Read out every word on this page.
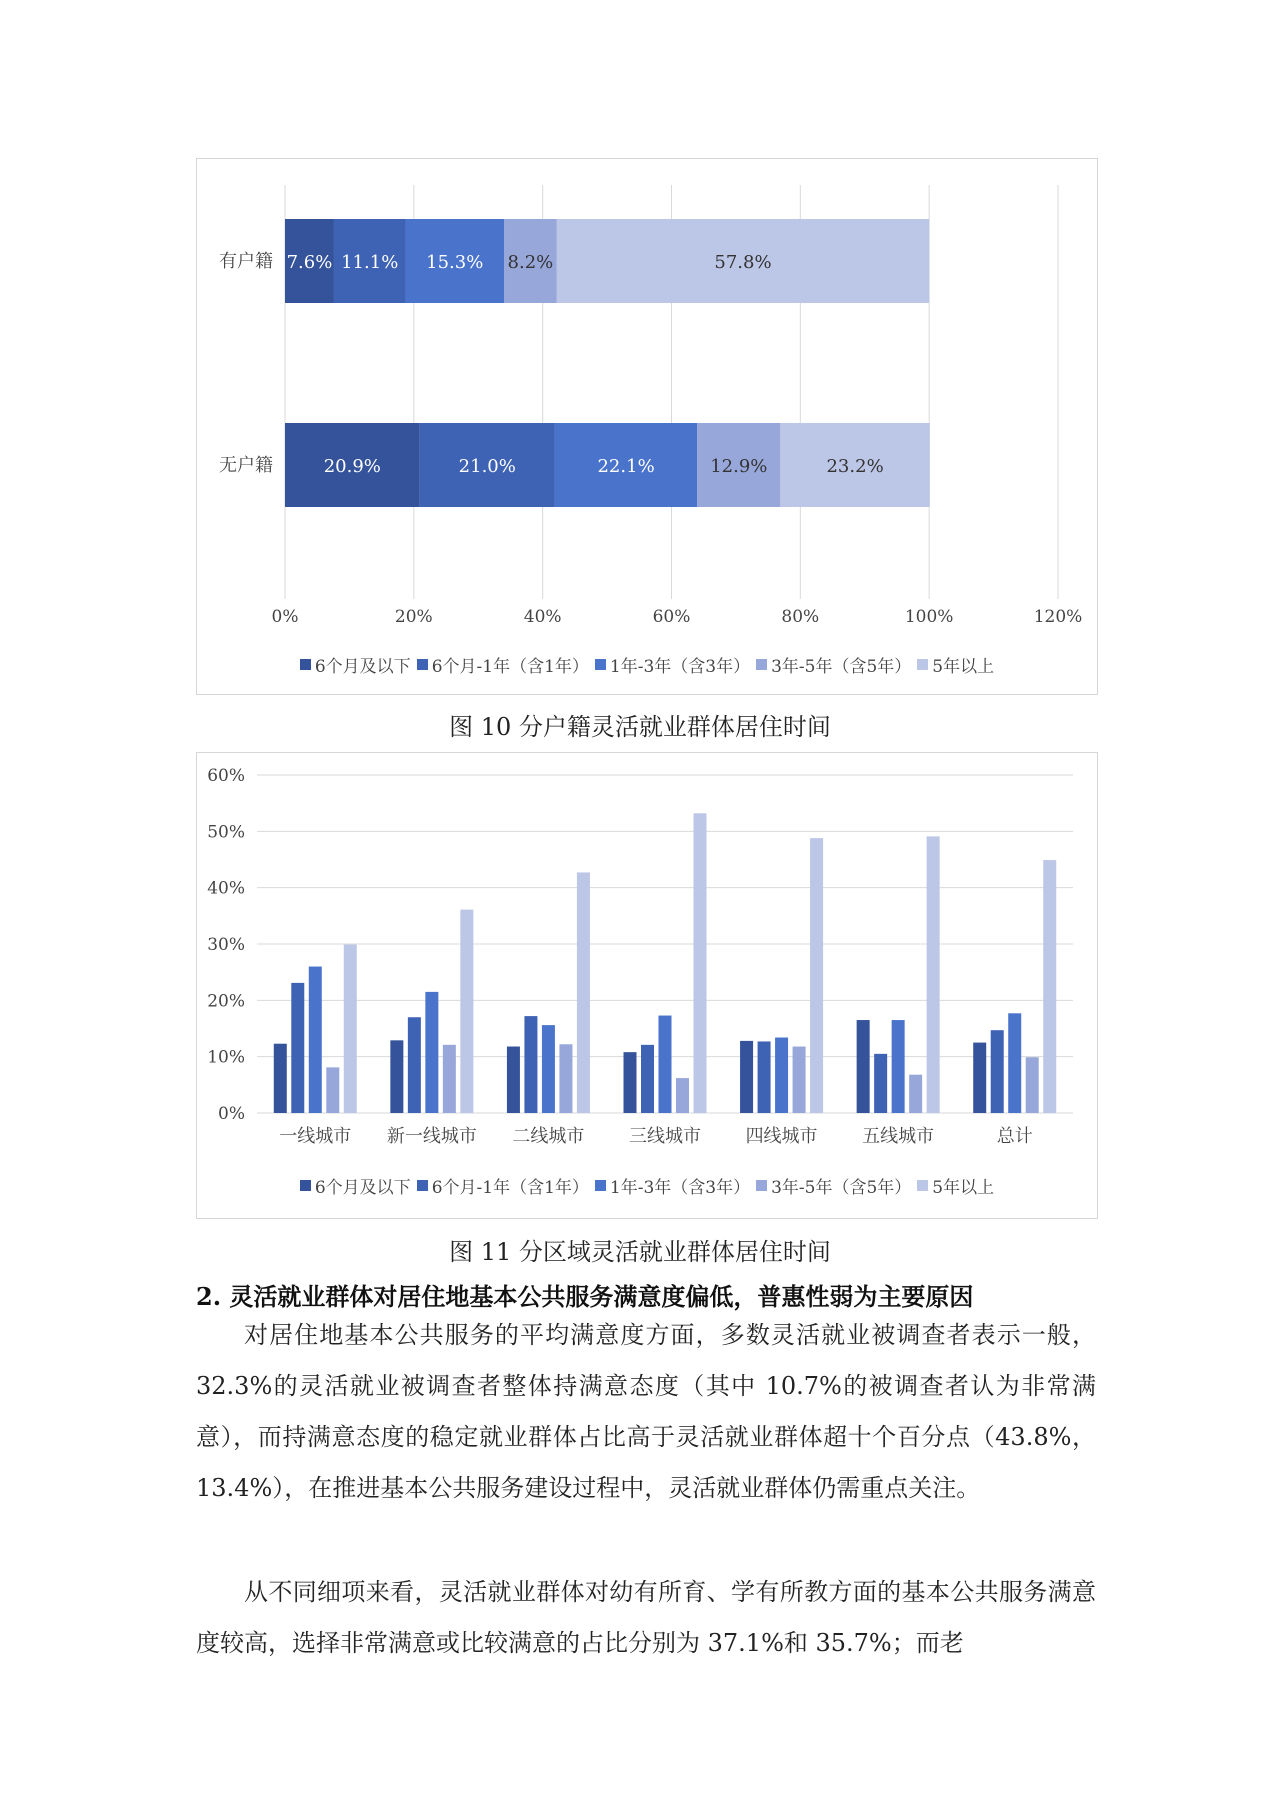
0%	20%	40%	60%	80%	100%	120%
有户籍 7.6% 11.1% 15.3% 8.2%	57.8%
无户籍	20.9%	21.0%	22.1%	12.9%	23.2%
6个月及以下 6个月-1年（含1年） 1年-3年（含3年） 3年-5年（含5年） 5年以上
图 10 分户籍灵活就业群体居住时间
60%
50%
40%
30%
20%
10%
0%
一线城市 新一线城市 二线城市 三线城市 四线城市 五线城市	总计
6个月及以下 6个月-1年（含1年） 1年-3年（含3年） 3年-5年（含5年） 5年以上
图 11 分区域灵活就业群体居住时间
2. 灵活就业群体对居住地基本公共服务满意度偏低，普惠性弱为主要原因
对居住地基本公共服务的平均满意度方面，多数灵活就业被调查者表示一般，32.3%的灵活就业被调查者整体持满意态度（其中 10.7%的被调查者认为非常满意），而持满意态度的稳定就业群体占比高于灵活就业群体超十个百分点（43.8%，13.4%），在推进基本公共服务建设过程中，灵活就业群体仍需重点关注。
从不同细项来看，灵活就业群体对幼有所育、学有所教方面的基本公共服务满意度较高，选择非常满意或比较满意的占比分别为 37.1%和 35.7%；而老
